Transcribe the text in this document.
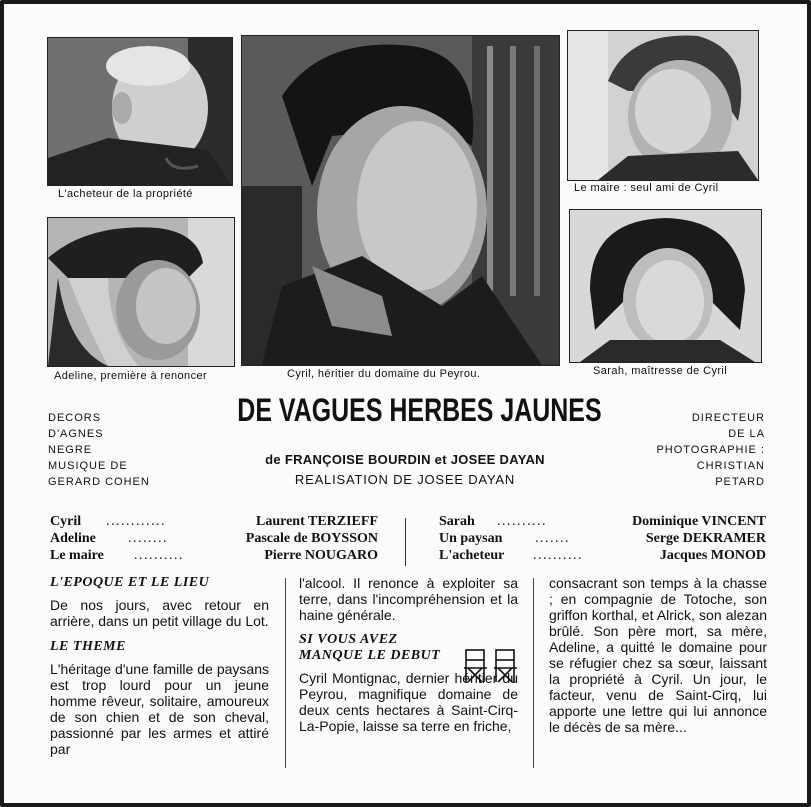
L'acheteur de la propriété
Adeline, première à renoncer	Cyril, héritier du domaine du Peyrou.
Le maire : seul ami de Cyril
Sarah, maîtresse de Cyril
DECORS
D'AGNES
NEGRE
MUSIQUE DE
GERARD COHEN
DIRECTEUR
DE LA
PHOTOGRAPHIE :
CHRISTIAN
PETARD
DE VAGUES HERBES JAUNES
de FRANÇOISE BOURDIN et JOSEE DAYAN
REALISATION DE JOSEE DAYAN
Cyril ............	Laurent TERZIEFF
Adeline ........	Pascale de BOYSSON
Le maire ..........	Pierre NOUGARO
Sarah ..........	Dominique VINCENT
Un paysan .......	Serge DEKRAMER
L'acheteur ..........	Jacques MONOD
L'EPOQUE ET LE LIEU

De nos jours, avec retour en arrière, dans un petit village du Lot.

LE THEME

L'héritage d'une famille de paysans est trop lourd pour un jeune homme rêveur, solitaire, amoureux de son chien et de son cheval, passionné par les armes et attiré par

l'alcool. Il renonce à exploiter sa terre, dans l'incompréhension et la haine générale.

SI VOUS AVEZ MANQUE LE DEBUT

Cyril Montignac, dernier héritier du Peyrou, magnifique domaine de deux cents hectares à Saint-Cirq-La-Popie, laisse sa terre en friche,

consacrant son temps à la chasse ; en compagnie de Totoche, son griffon korthal, et Alrick, son alezan brûlé. Son père mort, sa mère, Adeline, a quitté le domaine pour se réfugier chez sa sœur, laissant la propriété à Cyril. Un jour, le facteur, venu de Saint-Cirq, lui apporte une lettre qui lui annonce le décès de sa mère...
